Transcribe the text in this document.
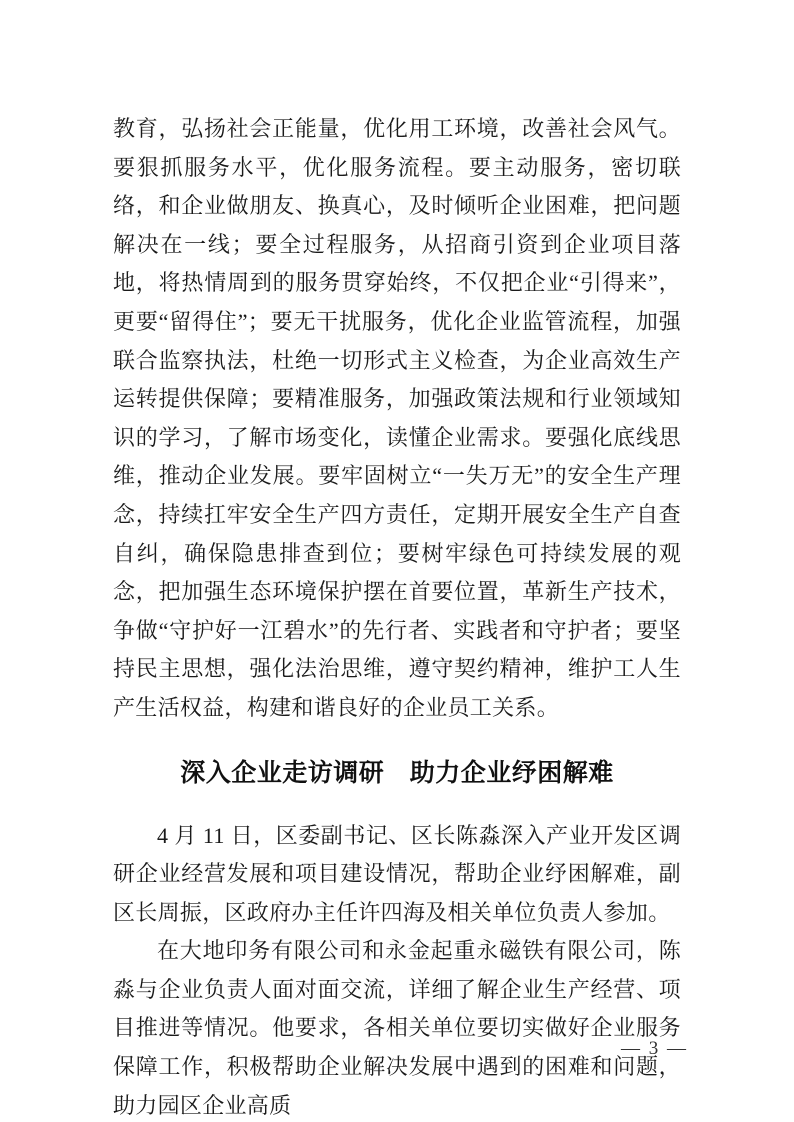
教育，弘扬社会正能量，优化用工环境，改善社会风气。要狠抓服务水平，优化服务流程。要主动服务，密切联络，和企业做朋友、换真心，及时倾听企业困难，把问题解决在一线；要全过程服务，从招商引资到企业项目落地，将热情周到的服务贯穿始终，不仅把企业“引得来”，更要“留得住”；要无干扰服务，优化企业监管流程，加强联合监察执法，杜绝一切形式主义检查，为企业高效生产运转提供保障；要精准服务，加强政策法规和行业领域知识的学习，了解市场变化，读懂企业需求。要强化底线思维，推动企业发展。要牢固树立“一失万无”的安全生产理念，持续扛牢安全生产四方责任，定期开展安全生产自查自纠，确保隐患排查到位；要树牢绿色可持续发展的观念，把加强生态环境保护摆在首要位置，革新生产技术，争做“守护好一江碧水”的先行者、实践者和守护者；要坚持民主思想，强化法治思维，遵守契约精神，维护工人生产生活权益，构建和谐良好的企业员工关系。

深入企业走访调研　助力企业纾困解难

4 月 11 日，区委副书记、区长陈淼深入产业开发区调研企业经营发展和项目建设情况，帮助企业纾困解难，副区长周振，区政府办主任许四海及相关单位负责人参加。

在大地印务有限公司和永金起重永磁铁有限公司，陈淼与企业负责人面对面交流，详细了解企业生产经营、项目推进等情况。他要求，各相关单位要切实做好企业服务保障工作，积极帮助企业解决发展中遇到的困难和问题，助力园区企业高质

— 3 —
